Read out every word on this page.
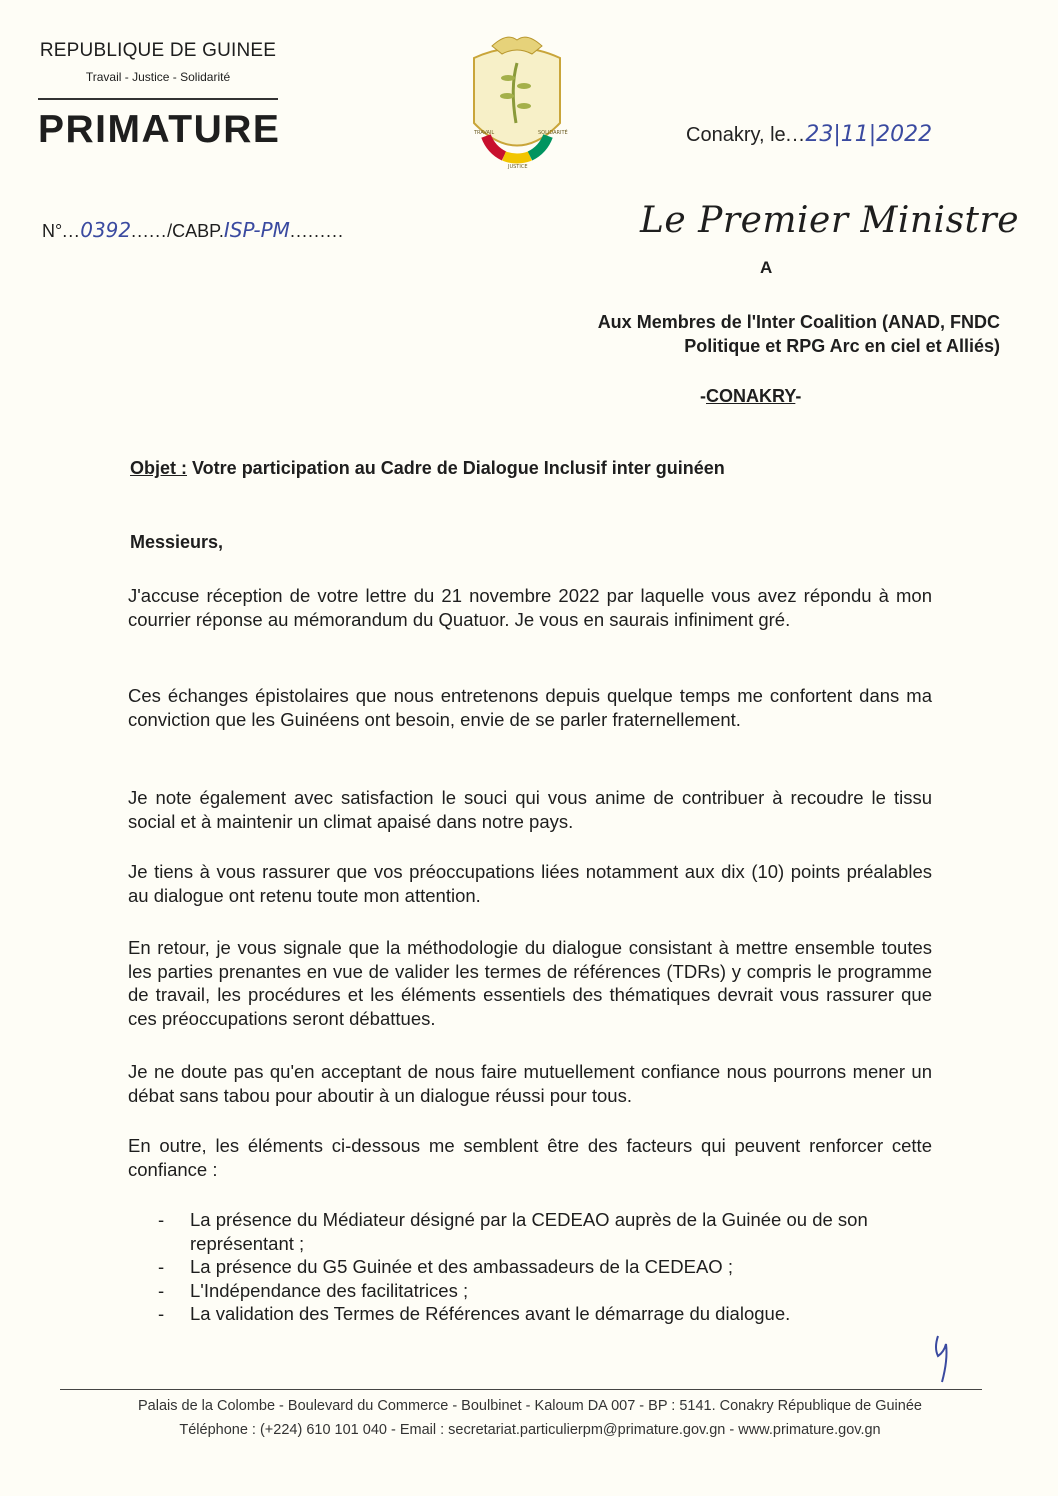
REPUBLIQUE DE GUINEE
Travail - Justice - Solidarité
PRIMATURE	TRAVAIL
JUSTICE
SOLIDARITÉ	Conakry, le...23|11|2022
N°...0392....../CABP.ISP-PM.........	Le Premier Ministre
A
Aux Membres de l'Inter Coalition (ANAD, FNDC
Politique et RPG Arc en ciel et Alliés)
-CONAKRY-
Objet : Votre participation au Cadre de Dialogue Inclusif inter guinéen
Messieurs,
J'accuse réception de votre lettre du 21 novembre 2022 par laquelle vous avez répondu à mon courrier réponse au mémorandum du Quatuor. Je vous en saurais infiniment gré.
Ces échanges épistolaires que nous entretenons depuis quelque temps me confortent dans ma conviction que les Guinéens ont besoin, envie de se parler fraternellement.
Je note également avec satisfaction le souci qui vous anime de contribuer à recoudre le tissu social et à maintenir un climat apaisé dans notre pays.
Je tiens à vous rassurer que vos préoccupations liées notamment aux dix (10) points préalables au dialogue ont retenu toute mon attention.
En retour, je vous signale que la méthodologie du dialogue consistant à mettre ensemble toutes les parties prenantes en vue de valider les termes de références (TDRs) y compris le programme de travail, les procédures et les éléments essentiels des thématiques devrait vous rassurer que ces préoccupations seront débattues.
Je ne doute pas qu'en acceptant de nous faire mutuellement confiance nous pourrons mener un débat sans tabou pour aboutir à un dialogue réussi pour tous.
En outre, les éléments ci-dessous me semblent être des facteurs qui peuvent renforcer cette confiance :
- La présence du Médiateur désigné par la CEDEAO auprès de la Guinée ou de son représentant ;
- La présence du G5 Guinée et des ambassadeurs de la CEDEAO ;
- L'Indépendance des facilitatrices ;
- La validation des Termes de Références avant le démarrage du dialogue.
Palais de la Colombe - Boulevard du Commerce - Boulbinet - Kaloum DA 007 - BP : 5141. Conakry République de Guinée
Téléphone : (+224) 610 101 040 - Email : secretariat.particulierpm@primature.gov.gn - www.primature.gov.gn
